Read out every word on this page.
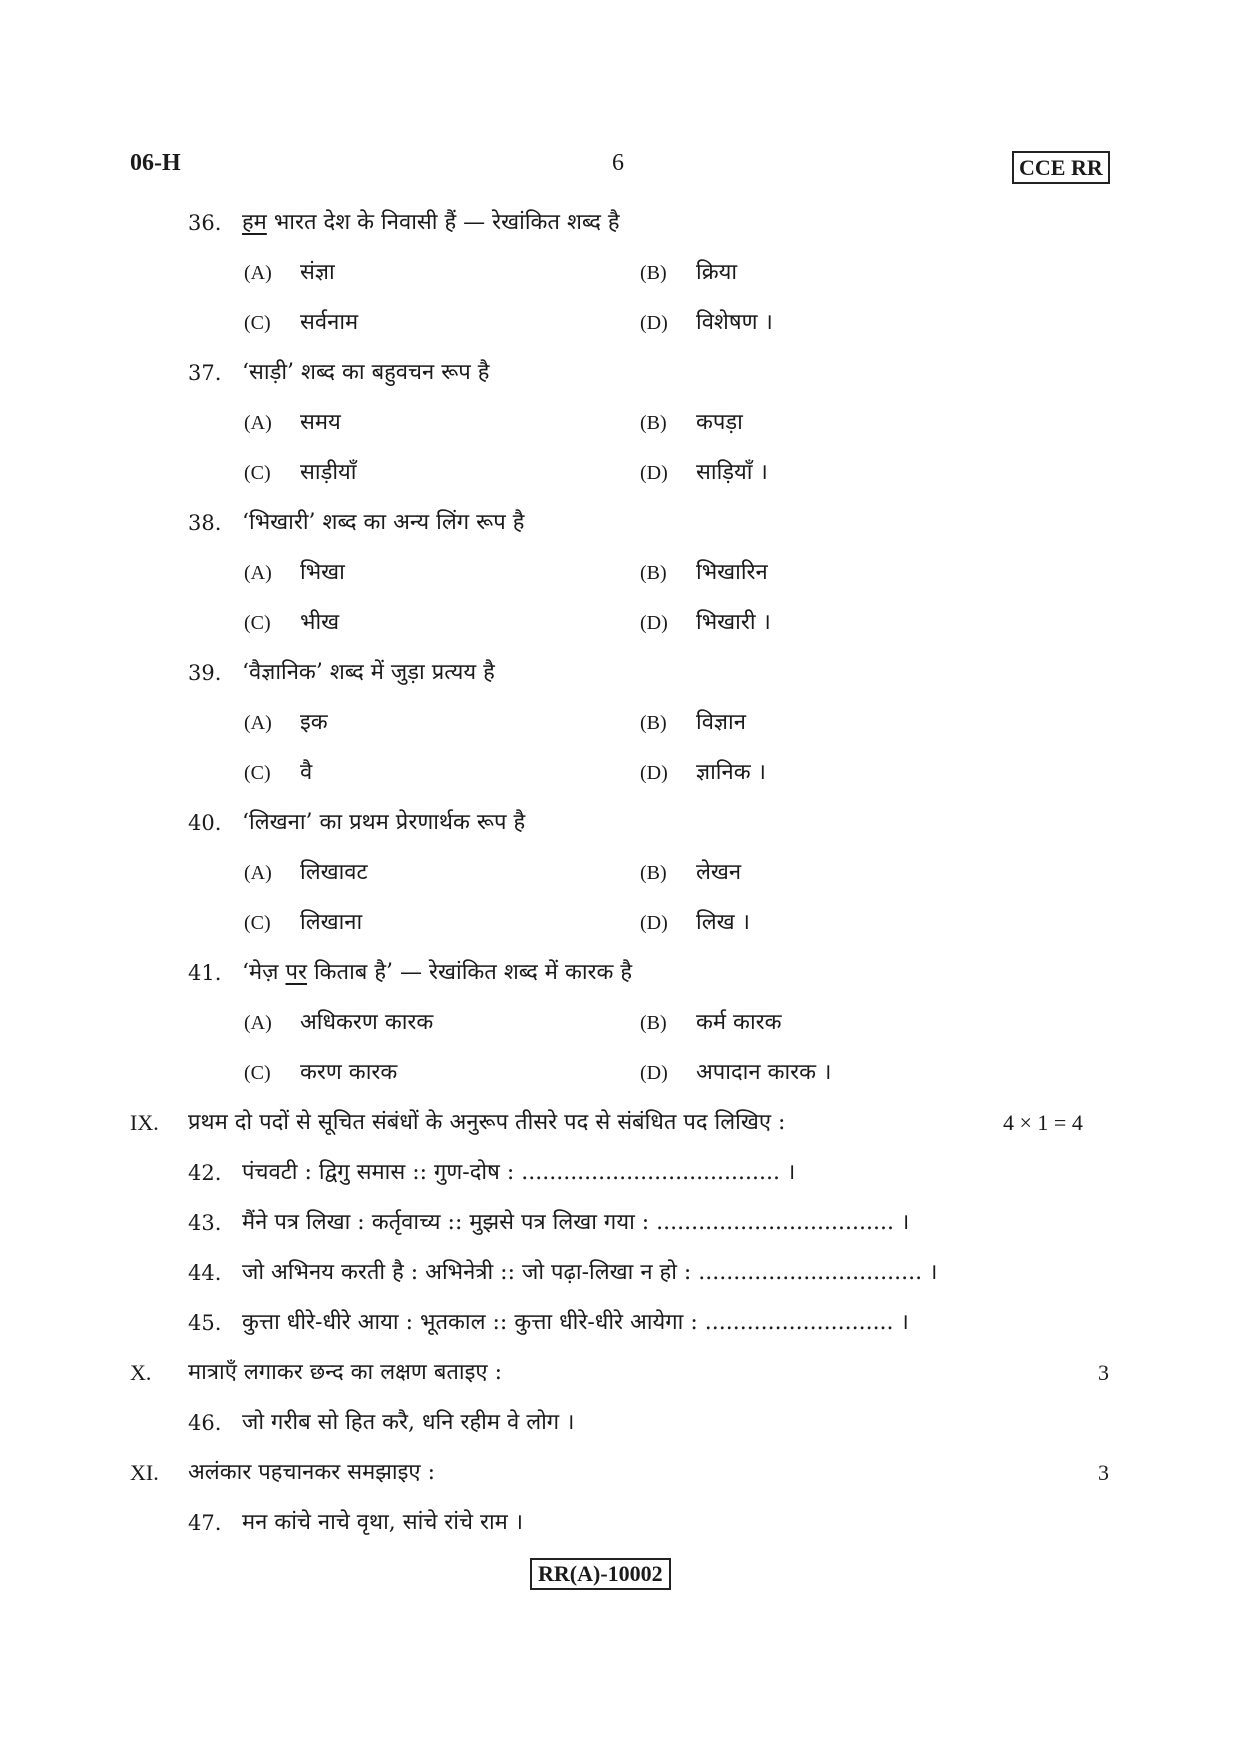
06-H	6	CCE RR
36. हम भारत देश के निवासी हैं — रेखांकित शब्द है
(A) संज्ञा	(B) क्रिया
(C) सर्वनाम	(D) विशेषण ।
37. ‘साड़ी’ शब्द का बहुवचन रूप है
(A) समय	(B) कपड़ा
(C) साड़ीयाँ	(D) साड़ियाँ ।
38. ‘भिखारी’ शब्द का अन्य लिंग रूप है
(A) भिखा	(B) भिखारिन
(C) भीख	(D) भिखारी ।
39. ‘वैज्ञानिक’ शब्द में जुड़ा प्रत्यय है
(A) इक	(B) विज्ञान
(C) वै	(D) ज्ञानिक ।
40. ‘लिखना’ का प्रथम प्रेरणार्थक रूप है
(A) लिखावट	(B) लेखन
(C) लिखाना	(D) लिख ।
41. ‘मेज़ पर किताब है’ — रेखांकित शब्द में कारक है
(A) अधिकरण कारक	(B) कर्म कारक
(C) करण कारक	(D) अपादान कारक ।
IX. प्रथम दो पदों से सूचित संबंधों के अनुरूप तीसरे पद से संबंधित पद लिखिए :	4 × 1 = 4
42. पंचवटी : द्विगु समास :: गुण-दोष : ..................................... ।
43. मैंने पत्र लिखा : कर्तृवाच्य :: मुझसे पत्र लिखा गया : .................................. ।
44. जो अभिनय करती है : अभिनेत्री :: जो पढ़ा-लिखा न हो : ................................ ।
45. कुत्ता धीरे-धीरे आया : भूतकाल :: कुत्ता धीरे-धीरे आयेगा : ........................... ।
X. मात्राएँ लगाकर छन्द का लक्षण बताइए :	3
46. जो गरीब सो हित करै, धनि रहीम वे लोग ।
XI. अलंकार पहचानकर समझाइए :	3
47. मन कांचे नाचे वृथा, सांचे रांचे राम ।
RR(A)-10002
